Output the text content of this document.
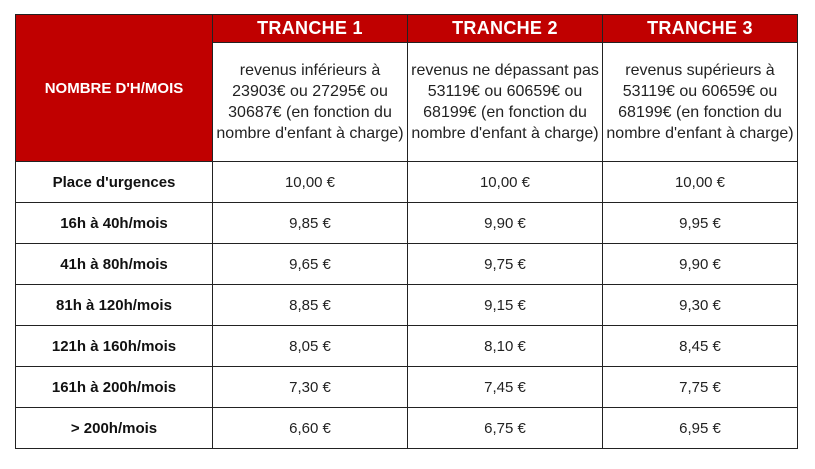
NOMBRE D'H/MOIS	TRANCHE 1	TRANCHE 2	TRANCHE 3
	revenus inférieurs à 23903€ ou 27295€ ou 30687€ (en fonction du nombre d'enfant à charge)	revenus ne dépassant pas 53119€ ou 60659€ ou 68199€ (en fonction du nombre d'enfant à charge)	revenus supérieurs à 53119€ ou 60659€ ou 68199€ (en fonction du nombre d'enfant à charge)
Place d'urgences	10,00 €	10,00 €	10,00 €
16h à 40h/mois	9,85 €	9,90 €	9,95 €
41h à 80h/mois	9,65 €	9,75 €	9,90 €
81h à 120h/mois	8,85 €	9,15 €	9,30 €
121h à 160h/mois	8,05 €	8,10 €	8,45 €
161h à 200h/mois	7,30 €	7,45 €	7,75 €
> 200h/mois	6,60 €	6,75 €	6,95 €
